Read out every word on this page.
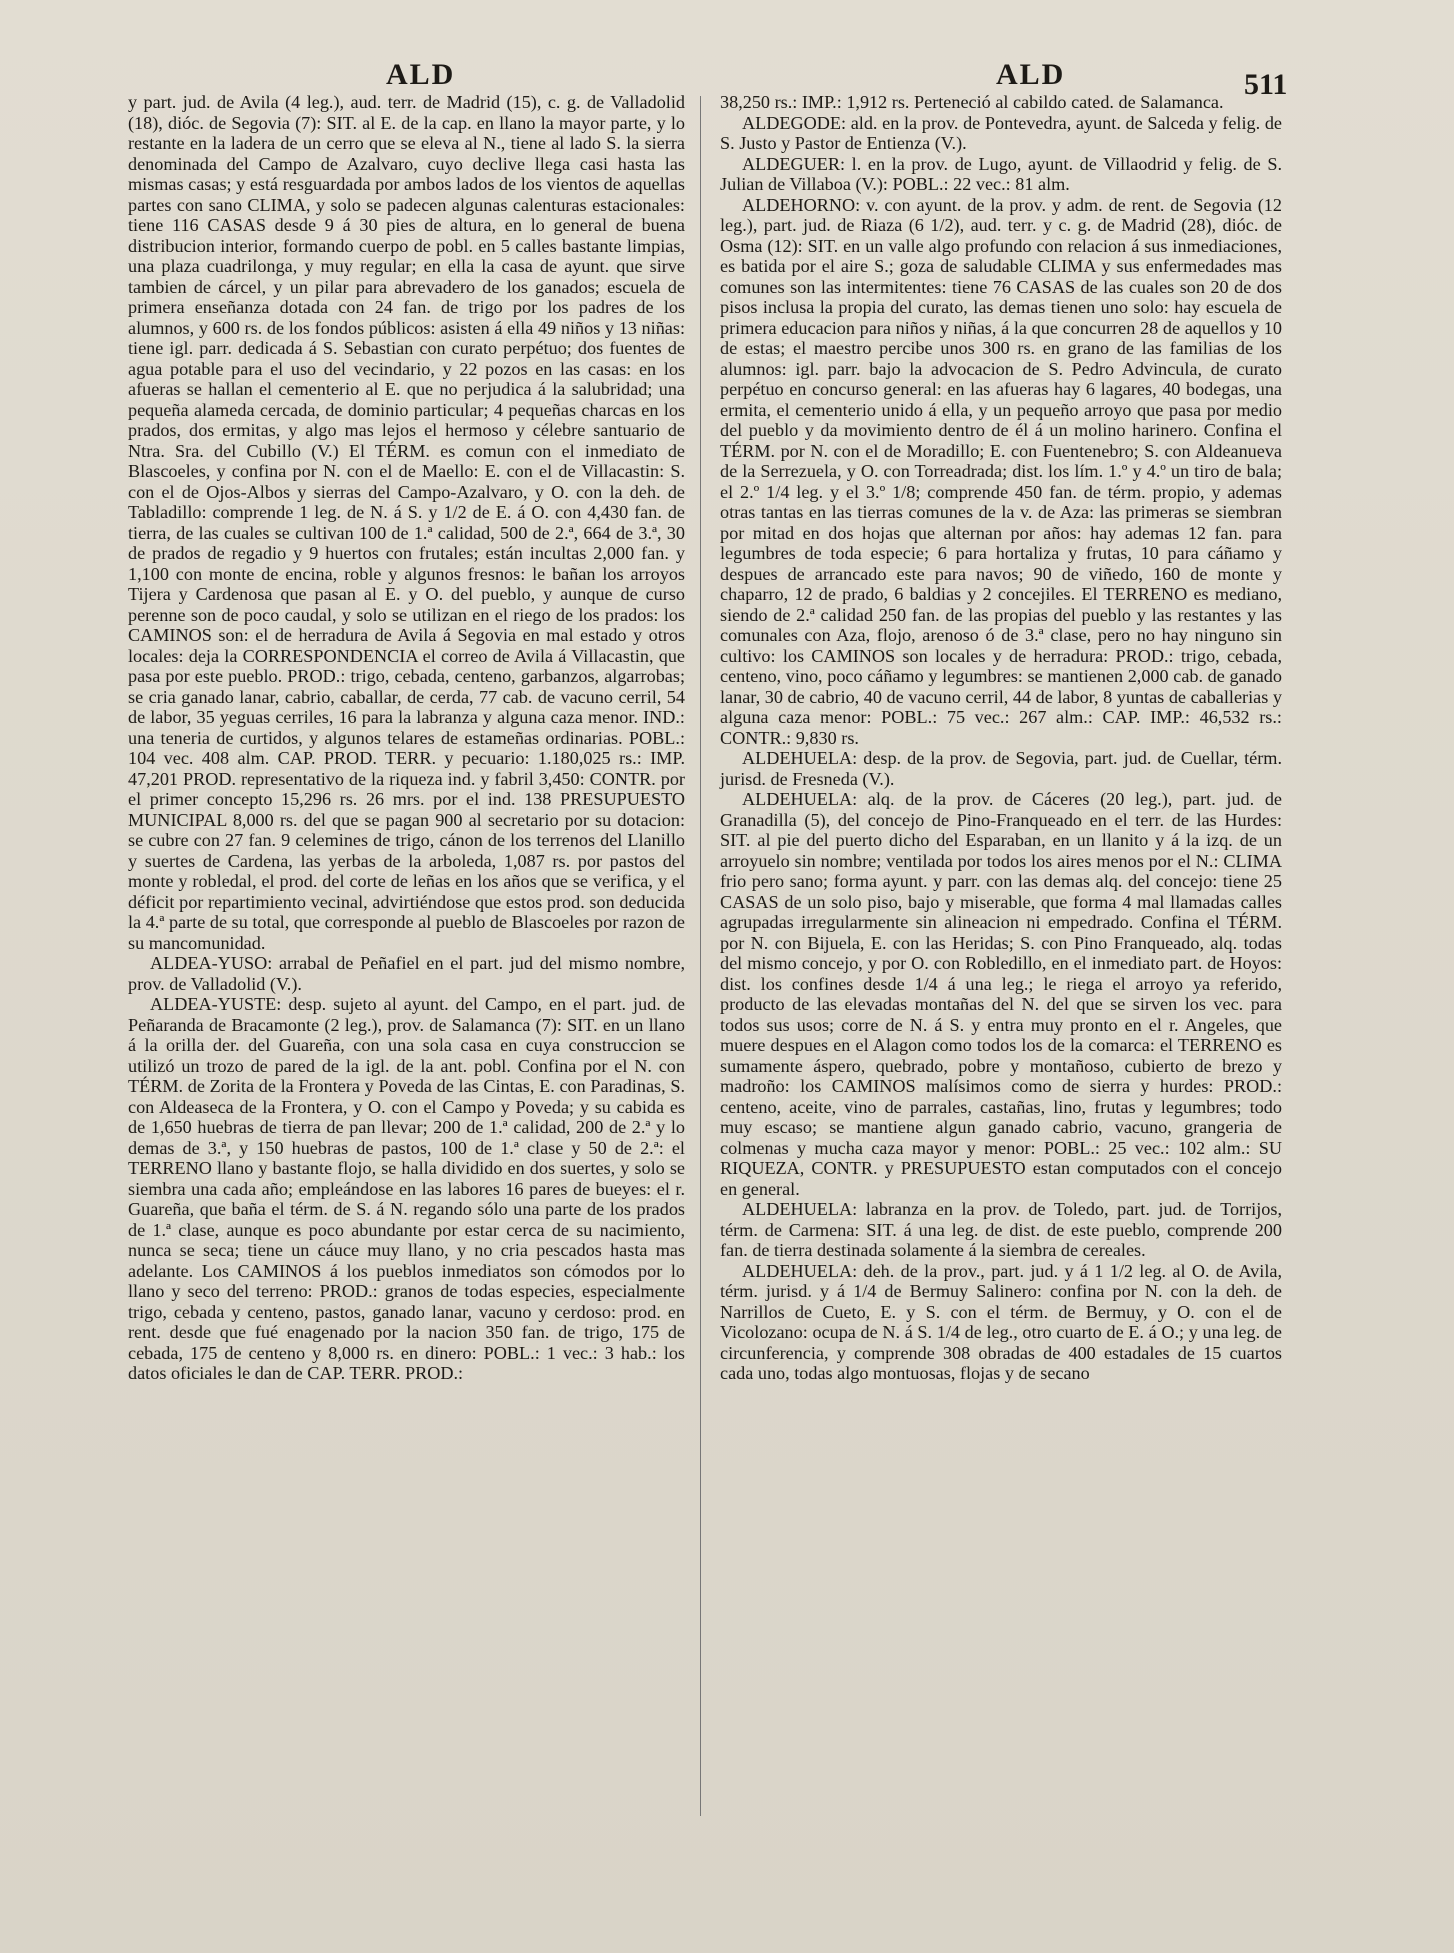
ALD	ALD	511

y part. jud. de Avila (4 leg.), aud. terr. de Madrid (15), c. g. de Valladolid (18), dióc. de Segovia (7): SIT. al E. de la cap. en llano la mayor parte, y lo restante en la ladera de un cerro que se eleva al N., tiene al lado S. la sierra denominada del Campo de Azalvaro, cuyo declive llega casi hasta las mismas casas; y está resguardada por ambos lados de los vientos de aquellas partes con sano CLIMA, y solo se padecen algunas calenturas estacionales: tiene 116 CASAS desde 9 á 30 pies de altura, en lo general de buena distribucion interior, formando cuerpo de pobl. en 5 calles bastante limpias, una plaza cuadrilonga, y muy regular; en ella la casa de ayunt. que sirve tambien de cárcel, y un pilar para abrevadero de los ganados; escuela de primera enseñanza dotada con 24 fan. de trigo por los padres de los alumnos, y 600 rs. de los fondos públicos: asisten á ella 49 niños y 13 niñas: tiene igl. parr. dedicada á S. Sebastian con curato perpétuo; dos fuentes de agua potable para el uso del vecindario, y 22 pozos en las casas: en los afueras se hallan el cementerio al E. que no perjudica á la salubridad; una pequeña alameda cercada, de dominio particular; 4 pequeñas charcas en los prados, dos ermitas, y algo mas lejos el hermoso y célebre santuario de Ntra. Sra. del Cubillo (V.) El TÉRM. es comun con el inmediato de Blascoeles, y confina por N. con el de Maello: E. con el de Villacastin: S. con el de Ojos-Albos y sierras del Campo-Azalvaro, y O. con la deh. de Tabladillo: comprende 1 leg. de N. á S. y 1/2 de E. á O. con 4,430 fan. de tierra, de las cuales se cultivan 100 de 1.ª calidad, 500 de 2.ª, 664 de 3.ª, 30 de prados de regadio y 9 huertos con frutales; están incultas 2,000 fan. y 1,100 con monte de encina, roble y algunos fresnos: le bañan los arroyos Tijera y Cardenosa que pasan al E. y O. del pueblo, y aunque de curso perenne son de poco caudal, y solo se utilizan en el riego de los prados: los CAMINOS son: el de herradura de Avila á Segovia en mal estado y otros locales: deja la CORRESPONDENCIA el correo de Avila á Villacastin, que pasa por este pueblo. PROD.: trigo, cebada, centeno, garbanzos, algarrobas; se cria ganado lanar, cabrio, caballar, de cerda, 77 cab. de vacuno cerril, 54 de labor, 35 yeguas cerriles, 16 para la labranza y alguna caza menor. IND.: una teneria de curtidos, y algunos telares de estameñas ordinarias. POBL.: 104 vec. 408 alm. CAP. PROD. TERR. y pecuario: 1.180,025 rs.: IMP. 47,201 PROD. representativo de la riqueza ind. y fabril 3,450: CONTR. por el primer concepto 15,296 rs. 26 mrs. por el ind. 138 PRESUPUESTO MUNICIPAL 8,000 rs. del que se pagan 900 al secretario por su dotacion: se cubre con 27 fan. 9 celemines de trigo, cánon de los terrenos del Llanillo y suertes de Cardena, las yerbas de la arboleda, 1,087 rs. por pastos del monte y robledal, el prod. del corte de leñas en los años que se verifica, y el déficit por repartimiento vecinal, advirtiéndose que estos prod. son deducida la 4.ª parte de su total, que corresponde al pueblo de Blascoeles por razon de su mancomunidad.

ALDEA-YUSO: arrabal de Peñafiel en el part. jud del mismo nombre, prov. de Valladolid (V.).

ALDEA-YUSTE: desp. sujeto al ayunt. del Campo, en el part. jud. de Peñaranda de Bracamonte (2 leg.), prov. de Salamanca (7): SIT. en un llano á la orilla der. del Guareña, con una sola casa en cuya construccion se utilizó un trozo de pared de la igl. de la ant. pobl. Confina por el N. con TÉRM. de Zorita de la Frontera y Poveda de las Cintas, E. con Paradinas, S. con Aldeaseca de la Frontera, y O. con el Campo y Poveda; y su cabida es de 1,650 huebras de tierra de pan llevar; 200 de 1.ª calidad, 200 de 2.ª y lo demas de 3.ª, y 150 huebras de pastos, 100 de 1.ª clase y 50 de 2.ª: el TERRENO llano y bastante flojo, se halla dividido en dos suertes, y solo se siembra una cada año; empleándose en las labores 16 pares de bueyes: el r. Guareña, que baña el térm. de S. á N. regando sólo una parte de los prados de 1.ª clase, aunque es poco abundante por estar cerca de su nacimiento, nunca se seca; tiene un cáuce muy llano, y no cria pescados hasta mas adelante. Los CAMINOS á los pueblos inmediatos son cómodos por lo llano y seco del terreno: PROD.: granos de todas especies, especialmente trigo, cebada y centeno, pastos, ganado lanar, vacuno y cerdoso: prod. en rent. desde que fué enagenado por la nacion 350 fan. de trigo, 175 de cebada, 175 de centeno y 8,000 rs. en dinero: POBL.: 1 vec.: 3 hab.: los datos oficiales le dan de CAP. TERR. PROD.:

38,250 rs.: IMP.: 1,912 rs. Perteneció al cabildo cated. de Salamanca.

ALDEGODE: ald. en la prov. de Pontevedra, ayunt. de Salceda y felig. de S. Justo y Pastor de Entienza (V.).

ALDEGUER: l. en la prov. de Lugo, ayunt. de Villaodrid y felig. de S. Julian de Villaboa (V.): POBL.: 22 vec.: 81 alm.

ALDEHORNO: v. con ayunt. de la prov. y adm. de rent. de Segovia (12 leg.), part. jud. de Riaza (6 1/2), aud. terr. y c. g. de Madrid (28), dióc. de Osma (12): SIT. en un valle algo profundo con relacion á sus inmediaciones, es batida por el aire S.; goza de saludable CLIMA y sus enfermedades mas comunes son las intermitentes: tiene 76 CASAS de las cuales son 20 de dos pisos inclusa la propia del curato, las demas tienen uno solo: hay escuela de primera educacion para niños y niñas, á la que concurren 28 de aquellos y 10 de estas; el maestro percibe unos 300 rs. en grano de las familias de los alumnos: igl. parr. bajo la advocacion de S. Pedro Advincula, de curato perpétuo en concurso general: en las afueras hay 6 lagares, 40 bodegas, una ermita, el cementerio unido á ella, y un pequeño arroyo que pasa por medio del pueblo y da movimiento dentro de él á un molino harinero. Confina el TÉRM. por N. con el de Moradillo; E. con Fuentenebro; S. con Aldeanueva de la Serrezuela, y O. con Torreadrada; dist. los lím. 1.º y 4.º un tiro de bala; el 2.º 1/4 leg. y el 3.º 1/8; comprende 450 fan. de térm. propio, y ademas otras tantas en las tierras comunes de la v. de Aza: las primeras se siembran por mitad en dos hojas que alternan por años: hay ademas 12 fan. para legumbres de toda especie; 6 para hortaliza y frutas, 10 para cáñamo y despues de arrancado este para navos; 90 de viñedo, 160 de monte y chaparro, 12 de prado, 6 baldias y 2 concejiles. El TERRENO es mediano, siendo de 2.ª calidad 250 fan. de las propias del pueblo y las restantes y las comunales con Aza, flojo, arenoso ó de 3.ª clase, pero no hay ninguno sin cultivo: los CAMINOS son locales y de herradura: PROD.: trigo, cebada, centeno, vino, poco cáñamo y legumbres: se mantienen 2,000 cab. de ganado lanar, 30 de cabrio, 40 de vacuno cerril, 44 de labor, 8 yuntas de caballerias y alguna caza menor: POBL.: 75 vec.: 267 alm.: CAP. IMP.: 46,532 rs.: CONTR.: 9,830 rs.

ALDEHUELA: desp. de la prov. de Segovia, part. jud. de Cuellar, térm. jurisd. de Fresneda (V.).

ALDEHUELA: alq. de la prov. de Cáceres (20 leg.), part. jud. de Granadilla (5), del concejo de Pino-Franqueado en el terr. de las Hurdes: SIT. al pie del puerto dicho del Esparaban, en un llanito y á la izq. de un arroyuelo sin nombre; ventilada por todos los aires menos por el N.: CLIMA frio pero sano; forma ayunt. y parr. con las demas alq. del concejo: tiene 25 CASAS de un solo piso, bajo y miserable, que forma 4 mal llamadas calles agrupadas irregularmente sin alineacion ni empedrado. Confina el TÉRM. por N. con Bijuela, E. con las Heridas; S. con Pino Franqueado, alq. todas del mismo concejo, y por O. con Robledillo, en el inmediato part. de Hoyos: dist. los confines desde 1/4 á una leg.; le riega el arroyo ya referido, producto de las elevadas montañas del N. del que se sirven los vec. para todos sus usos; corre de N. á S. y entra muy pronto en el r. Angeles, que muere despues en el Alagon como todos los de la comarca: el TERRENO es sumamente áspero, quebrado, pobre y montañoso, cubierto de brezo y madroño: los CAMINOS malísimos como de sierra y hurdes: PROD.: centeno, aceite, vino de parrales, castañas, lino, frutas y legumbres; todo muy escaso; se mantiene algun ganado cabrio, vacuno, grangeria de colmenas y mucha caza mayor y menor: POBL.: 25 vec.: 102 alm.: SU RIQUEZA, CONTR. y PRESUPUESTO estan computados con el concejo en general.

ALDEHUELA: labranza en la prov. de Toledo, part. jud. de Torrijos, térm. de Carmena: SIT. á una leg. de dist. de este pueblo, comprende 200 fan. de tierra destinada solamente á la siembra de cereales.

ALDEHUELA: deh. de la prov., part. jud. y á 1 1/2 leg. al O. de Avila, térm. jurisd. y á 1/4 de Bermuy Salinero: confina por N. con la deh. de Narrillos de Cueto, E. y S. con el térm. de Bermuy, y O. con el de Vicolozano: ocupa de N. á S. 1/4 de leg., otro cuarto de E. á O.; y una leg. de circunferencia, y comprende 308 obradas de 400 estadales de 15 cuartos cada uno, todas algo montuosas, flojas y de secano
